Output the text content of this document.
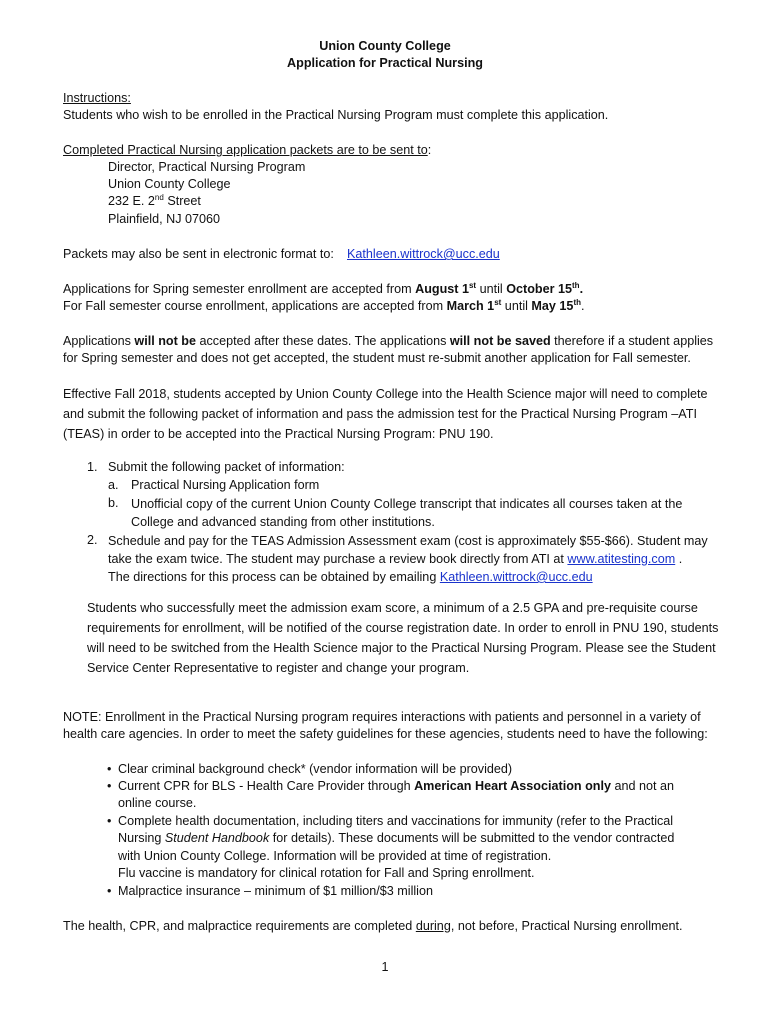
Union County College
Application for Practical Nursing
Instructions:
Students who wish to be enrolled in the Practical Nursing Program must complete this application.
Completed Practical Nursing application packets are to be sent to:
Director, Practical Nursing Program
Union County College
232 E. 2nd Street
Plainfield, NJ 07060
Packets may also be sent in electronic format to: Kathleen.wittrock@ucc.edu
Applications for Spring semester enrollment are accepted from August 1st until October 15th.
For Fall semester course enrollment, applications are accepted from March 1st until May 15th.
Applications will not be accepted after these dates. The applications will not be saved therefore if a student applies for Spring semester and does not get accepted, the student must re-submit another application for Fall semester.
Effective Fall 2018, students accepted by Union County College into the Health Science major will need to complete and submit the following packet of information and pass the admission test for the Practical Nursing Program –ATI (TEAS) in order to be accepted into the Practical Nursing Program: PNU 190.
1. Submit the following packet of information:
a. Practical Nursing Application form
b. Unofficial copy of the current Union County College transcript that indicates all courses taken at the College and advanced standing from other institutions.
2. Schedule and pay for the TEAS Admission Assessment exam (cost is approximately $55-$66). Student may take the exam twice. The student may purchase a review book directly from ATI at www.atitesting.com .
The directions for this process can be obtained by emailing Kathleen.wittrock@ucc.edu
Students who successfully meet the admission exam score, a minimum of a 2.5 GPA and pre-requisite course requirements for enrollment, will be notified of the course registration date. In order to enroll in PNU 190, students will need to be switched from the Health Science major to the Practical Nursing Program. Please see the Student Service Center Representative to register and change your program.
NOTE: Enrollment in the Practical Nursing program requires interactions with patients and personnel in a variety of health care agencies. In order to meet the safety guidelines for these agencies, students need to have the following:
• Clear criminal background check* (vendor information will be provided)
• Current CPR for BLS - Health Care Provider through American Heart Association only and not an online course.
• Complete health documentation, including titers and vaccinations for immunity (refer to the Practical Nursing Student Handbook for details). These documents will be submitted to the vendor contracted with Union County College. Information will be provided at time of registration.
Flu vaccine is mandatory for clinical rotation for Fall and Spring enrollment.
• Malpractice insurance – minimum of $1 million/$3 million
The health, CPR, and malpractice requirements are completed during, not before, Practical Nursing enrollment.
1
